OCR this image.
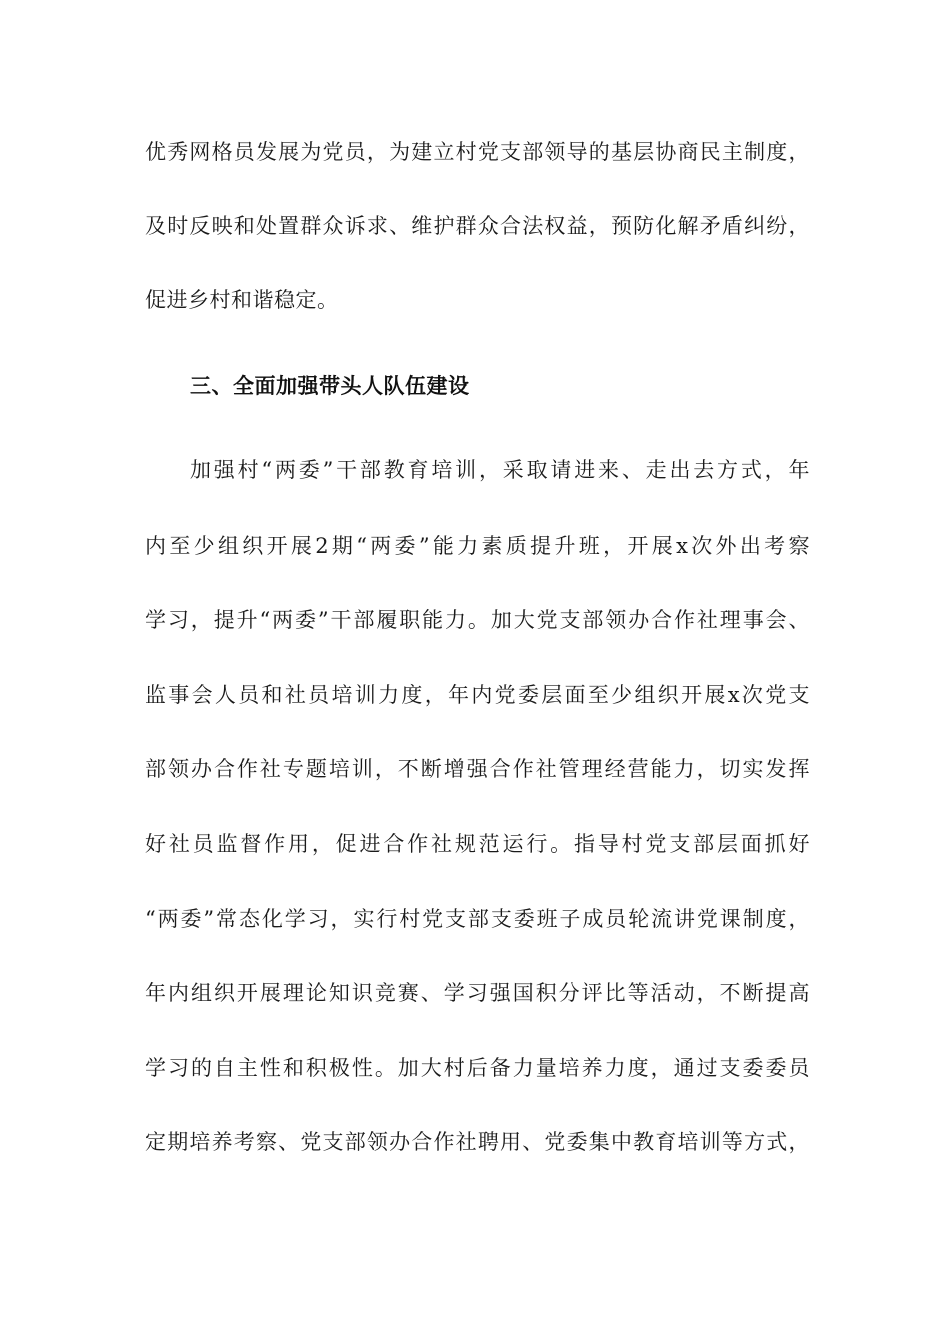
优秀网格员发展为党员，为建立村党支部领导的基层协商民主制度，
及时反映和处置群众诉求、维护群众合法权益，预防化解矛盾纠纷，
促进乡村和谐稳定。
三、全面加强带头人队伍建设
加强村“两委”干部教育培训，采取请进来、走出去方式，年
内至少组织开展2期“两委”能力素质提升班，开展x次外出考察
学习，提升“两委”干部履职能力。加大党支部领办合作社理事会、
监事会人员和社员培训力度，年内党委层面至少组织开展x次党支
部领办合作社专题培训，不断增强合作社管理经营能力，切实发挥
好社员监督作用，促进合作社规范运行。指导村党支部层面抓好
“两委”常态化学习，实行村党支部支委班子成员轮流讲党课制度，
年内组织开展理论知识竞赛、学习强国积分评比等活动，不断提高
学习的自主性和积极性。加大村后备力量培养力度，通过支委委员
定期培养考察、党支部领办合作社聘用、党委集中教育培训等方式，
